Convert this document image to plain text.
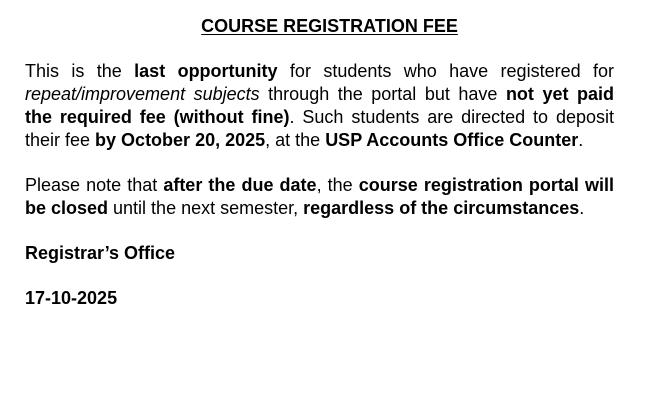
COURSE REGISTRATION FEE
This is the last opportunity for students who have registered for repeat/improvement subjects through the portal but have not yet paid the required fee (without fine). Such students are directed to deposit their fee by October 20, 2025, at the USP Accounts Office Counter.
Please note that after the due date, the course registration portal will be closed until the next semester, regardless of the circumstances.
Registrar’s Office
17-10-2025
